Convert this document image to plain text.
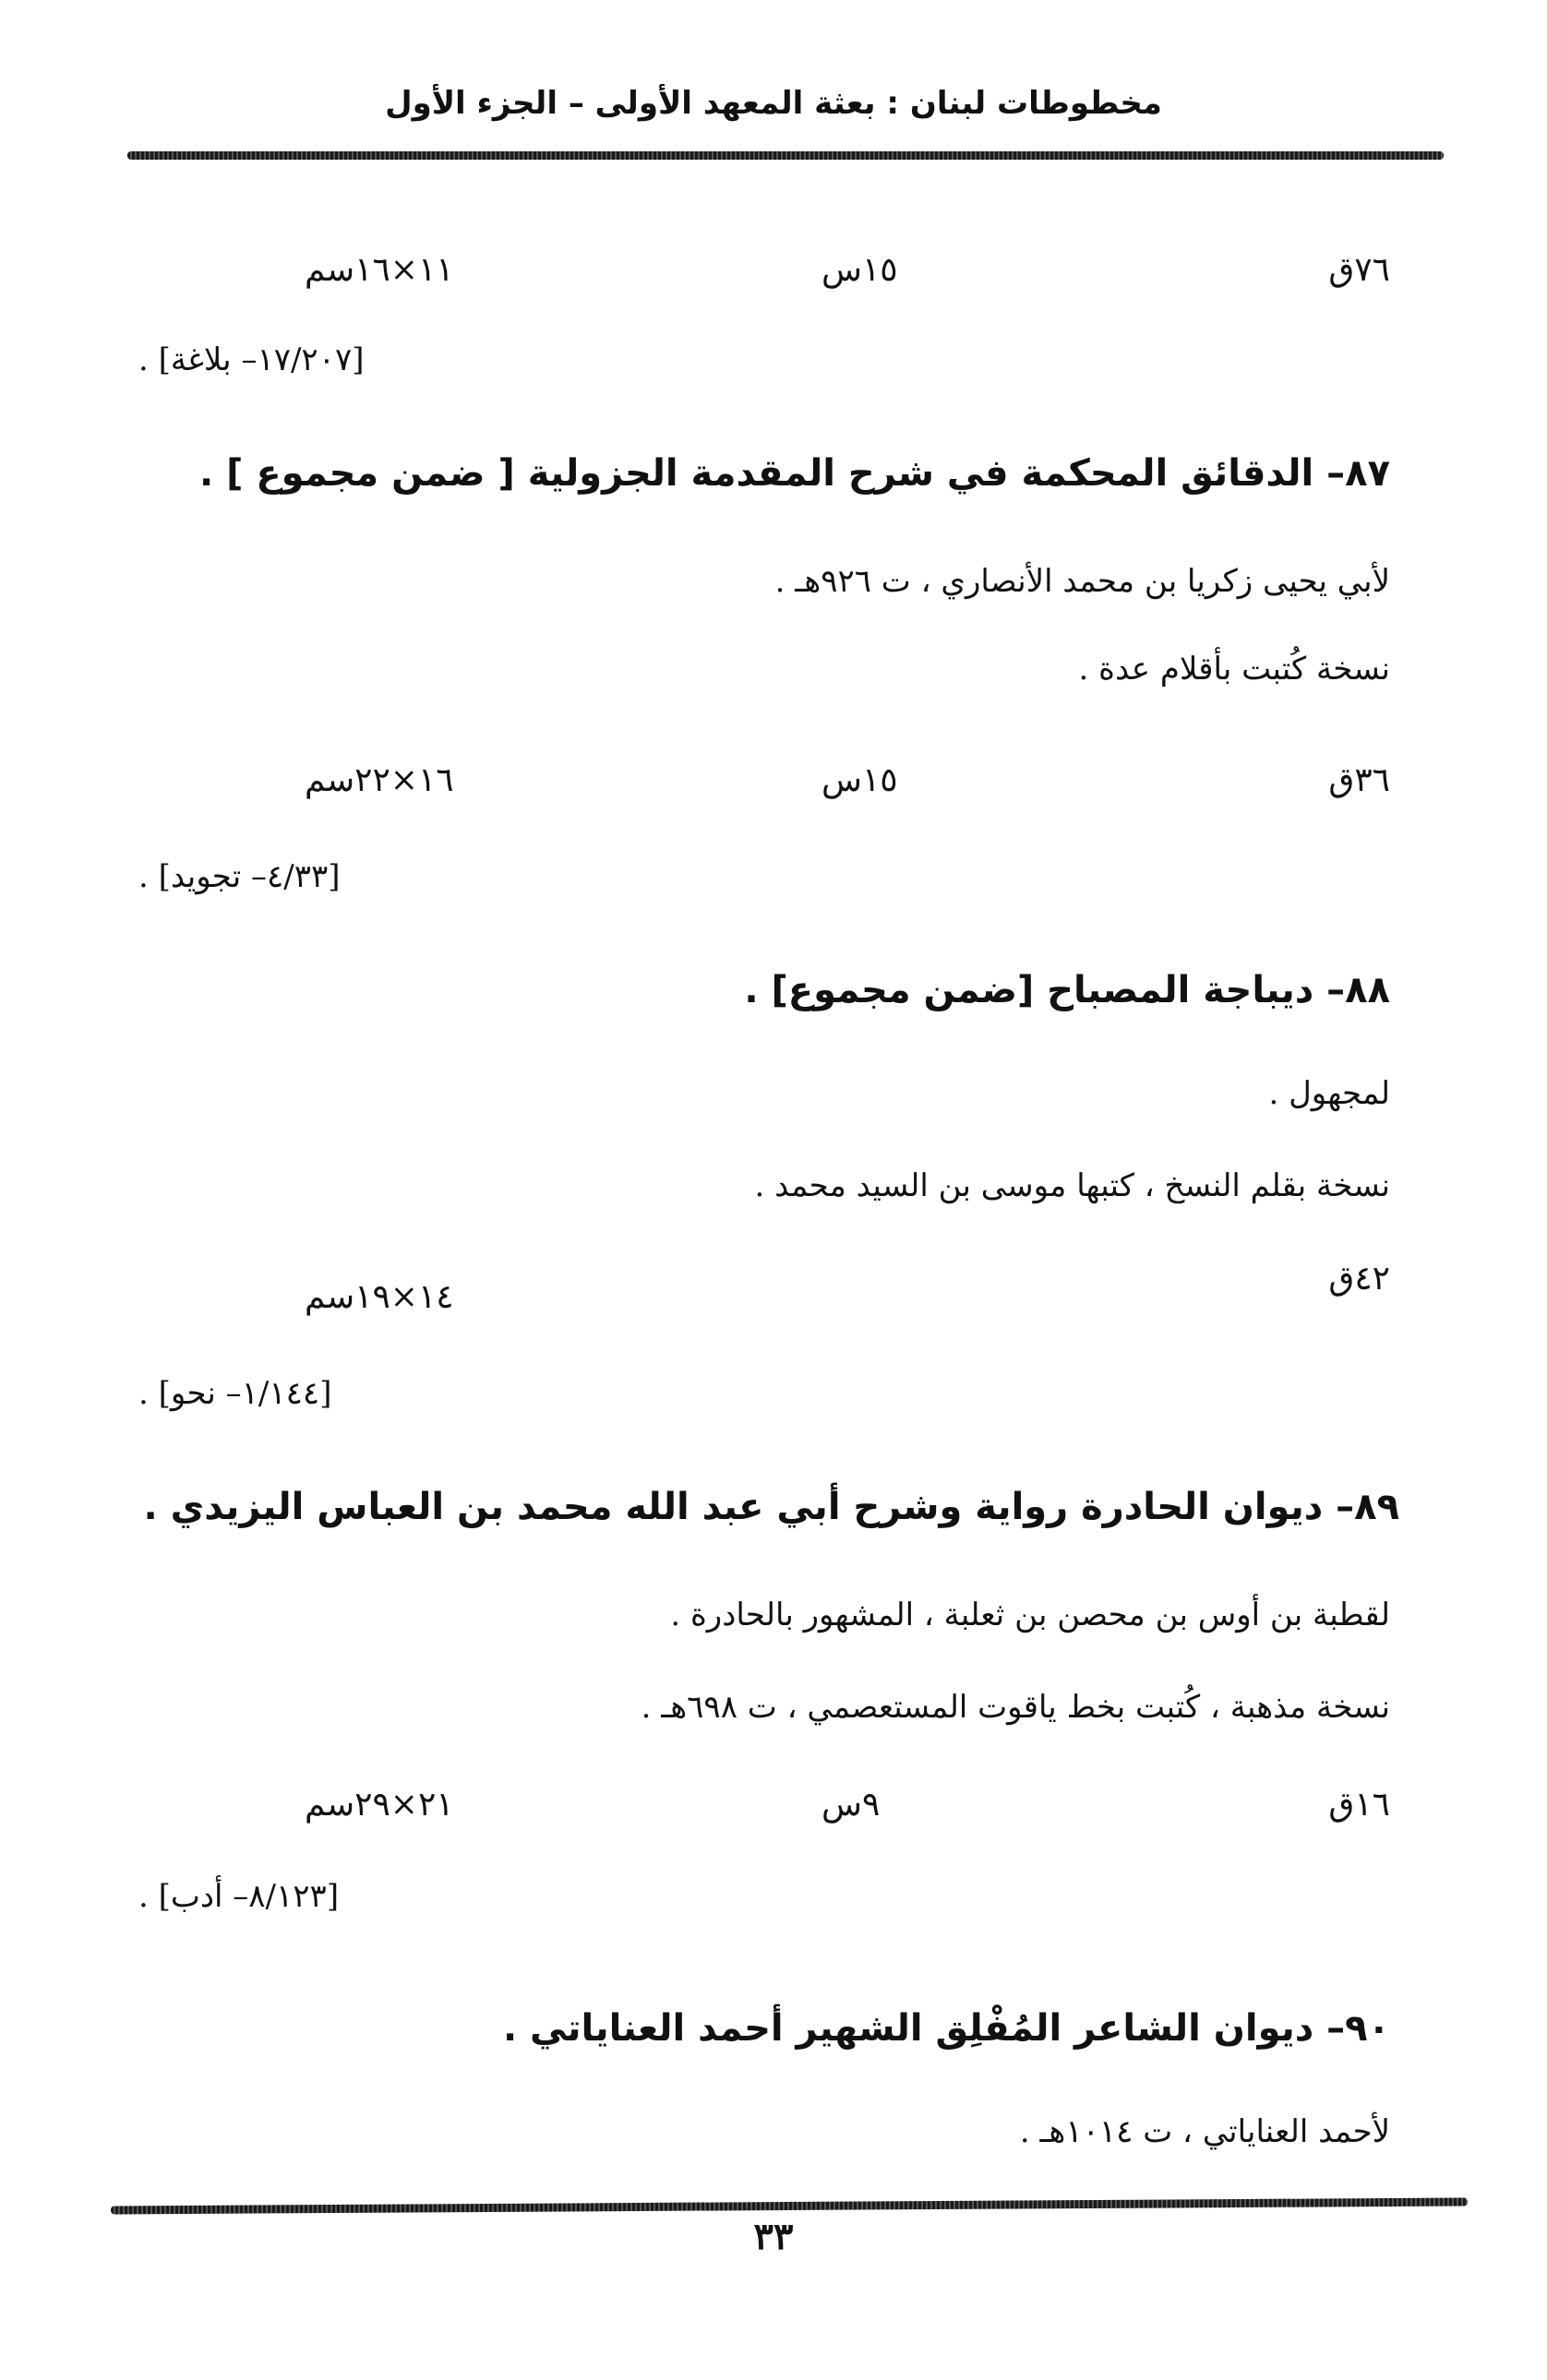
مخطوطات لبنان : بعثة المعهد الأولى – الجزء الأول
٧٦ق
١٥س
١١×١٦سم
[١٧/٢٠٧– بلاغة] .
٨٧– الدقائق المحكمة في شرح المقدمة الجزولية [ ضمن مجموع ] .
لأبي يحيى زكريا بن محمد الأنصاري ، ت ٩٢٦هـ .
نسخة كُتبت بأقلام عدة .
٣٦ق
١٥س
١٦×٢٢سم
[٤/٣٣– تجويد] .
٨٨– ديباجة المصباح [ضمن مجموع] .
لمجهول .
نسخة بقلم النسخ ، كتبها موسى بن السيد محمد .
٤٢ق
١٤×١٩سم
[١/١٤٤– نحو] .
٨٩– ديوان الحادرة رواية وشرح أبي عبد الله محمد بن العباس اليزيدي .
لقطبة بن أوس بن محصن بن ثعلبة ، المشهور بالحادرة .
نسخة مذهبة ، كُتبت بخط ياقوت المستعصمي ، ت ٦٩٨هـ .
١٦ق
٩س
٢١×٢٩سم
[٨/١٢٣– أدب] .
٩٠– ديوان الشاعر المُفْلِق الشهير أحمد العناياتي .
لأحمد العناياتي ، ت ١٠١٤هـ .
٣٣
